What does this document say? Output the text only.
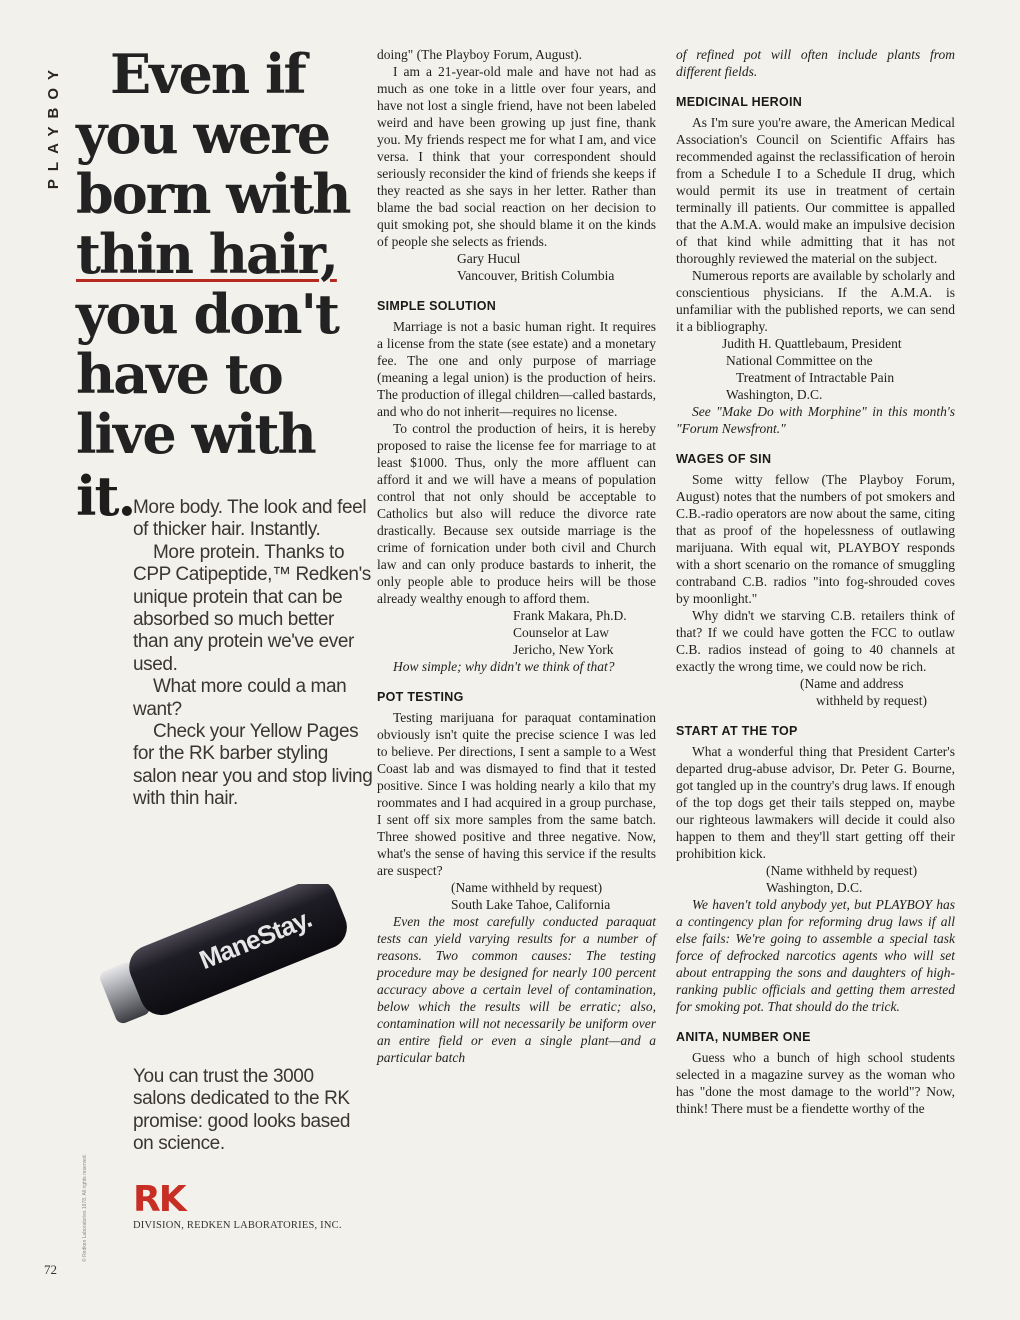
PLAYBOY Even if
you were
born with
thin hair,
you don't
have to
live with
it.

More body. The look and feel of thicker hair. Instantly.

More protein. Thanks to CPP Catipeptide,™ Redken's unique protein that can be absorbed so much better than any protein we've ever used.

What more could a man want?

Check your Yellow Pages for the RK barber styling salon near you and stop living with thin hair.

ManeStay.
You can trust the 3000 salons dedicated to the RK promise: good looks based on science.
© Redken Laboratories 1978. All rights reserved. RK
DIVISION, REDKEN LABORATORIES, INC.
72

doing" (The Playboy Forum, August).

I am a 21-year-old male and have not had as much as one toke in a little over four years, and have not lost a single friend, have not been labeled weird and have been growing up just fine, thank you. My friends respect me for what I am, and vice versa. I think that your correspondent should seriously reconsider the kind of friends she keeps if they reacted as she says in her letter. Rather than blame the bad social reaction on her decision to quit smoking pot, she should blame it on the kinds of people she selects as friends.

Gary Hucul

Vancouver, British Columbia

SIMPLE SOLUTION

Marriage is not a basic human right. It requires a license from the state (see estate) and a monetary fee. The one and only purpose of marriage (meaning a legal union) is the production of heirs. The production of illegal children—called bastards, and who do not inherit—requires no license.

To control the production of heirs, it is hereby proposed to raise the license fee for marriage to at least $1000. Thus, only the more affluent can afford it and we will have a means of population control that not only should be acceptable to Catholics but also will reduce the divorce rate drastically. Because sex outside marriage is the crime of fornication under both civil and Church law and can only produce bastards to inherit, the only people able to produce heirs will be those already wealthy enough to afford them.

Frank Makara, Ph.D.

Counselor at Law

Jericho, New York

How simple; why didn't we think of that?

POT TESTING

Testing marijuana for paraquat contamination obviously isn't quite the precise science I was led to believe. Per directions, I sent a sample to a West Coast lab and was dismayed to find that it tested positive. Since I was holding nearly a kilo that my roommates and I had acquired in a group purchase, I sent off six more samples from the same batch. Three showed positive and three negative. Now, what's the sense of having this service if the results are suspect?

(Name withheld by request)

South Lake Tahoe, California

Even the most carefully conducted paraquat tests can yield varying results for a number of reasons. Two common causes: The testing procedure may be designed for nearly 100 percent accuracy above a certain level of contamination, below which the results will be erratic; also, contamination will not necessarily be uniform over an entire field or even a single plant—and a particular batch

of refined pot will often include plants from different fields.

MEDICINAL HEROIN

As I'm sure you're aware, the American Medical Association's Council on Scientific Affairs has recommended against the reclassification of heroin from a Schedule I to a Schedule II drug, which would permit its use in treatment of certain terminally ill patients. Our committee is appalled that the A.M.A. would make an impulsive decision of that kind while admitting that it has not thoroughly reviewed the material on the subject.

Numerous reports are available by scholarly and conscientious physicians. If the A.M.A. is unfamiliar with the published reports, we can send it a bibliography.

Judith H. Quattlebaum, President

National Committee on the

Treatment of Intractable Pain

Washington, D.C.

See "Make Do with Morphine" in this month's "Forum Newsfront."

WAGES OF SIN

Some witty fellow (The Playboy Forum, August) notes that the numbers of pot smokers and C.B.-radio operators are now about the same, citing that as proof of the hopelessness of outlawing marijuana. With equal wit, PLAYBOY responds with a short scenario on the romance of smuggling contraband C.B. radios "into fog-shrouded coves by moonlight."

Why didn't we starving C.B. retailers think of that? If we could have gotten the FCC to outlaw C.B. radios instead of going to 40 channels at exactly the wrong time, we could now be rich.

(Name and address

withheld by request)

START AT THE TOP

What a wonderful thing that President Carter's departed drug-abuse advisor, Dr. Peter G. Bourne, got tangled up in the country's drug laws. If enough of the top dogs get their tails stepped on, maybe our righteous lawmakers will decide it could also happen to them and they'll start getting off their prohibition kick.

(Name withheld by request)

Washington, D.C.

We haven't told anybody yet, but PLAYBOY has a contingency plan for reforming drug laws if all else fails: We're going to assemble a special task force of defrocked narcotics agents who will set about entrapping the sons and daughters of high-ranking public officials and getting them arrested for smoking pot. That should do the trick.

ANITA, NUMBER ONE

Guess who a bunch of high school students selected in a magazine survey as the woman who has "done the most damage to the world"? Now, think! There must be a fiendette worthy of the
